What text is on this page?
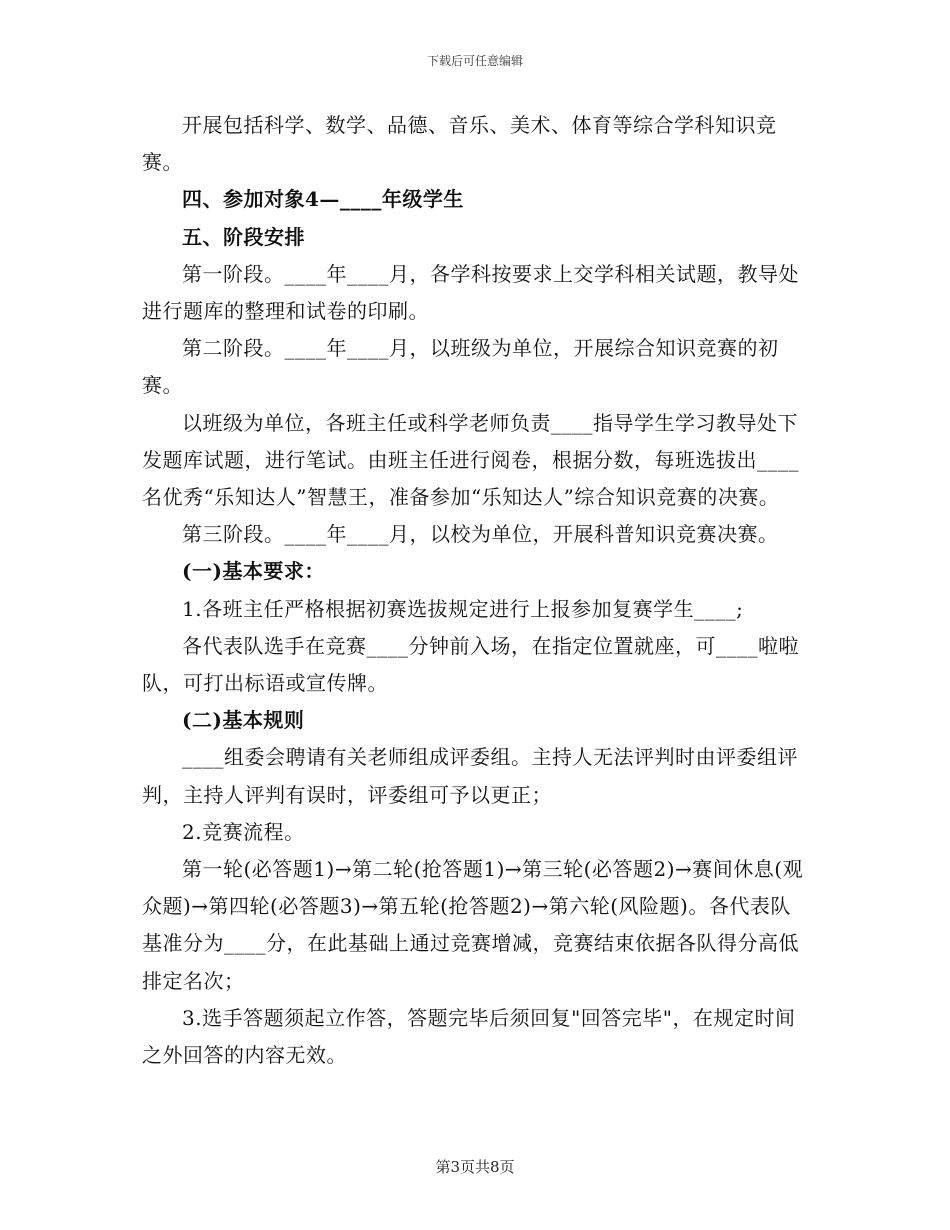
下载后可任意编辑

开展包括科学、数学、品德、音乐、美术、体育等综合学科知识竞赛。

四、参加对象4—____年级学生

五、阶段安排

第一阶段。____年____月，各学科按要求上交学科相关试题，教导处进行题库的整理和试卷的印刷。

第二阶段。____年____月，以班级为单位，开展综合知识竞赛的初赛。

以班级为单位，各班主任或科学老师负责____指导学生学习教导处下发题库试题，进行笔试。由班主任进行阅卷，根据分数，每班选拔出____名优秀“乐知达人”智慧王，准备参加“乐知达人”综合知识竞赛的决赛。

第三阶段。____年____月，以校为单位，开展科普知识竞赛决赛。

(一)基本要求：

1.各班主任严格根据初赛选拔规定进行上报参加复赛学生____;

各代表队选手在竞赛____分钟前入场，在指定位置就座，可____啦啦队，可打出标语或宣传牌。

(二)基本规则

____组委会聘请有关老师组成评委组。主持人无法评判时由评委组评判，主持人评判有误时，评委组可予以更正；

2.竞赛流程。

第一轮(必答题1)→第二轮(抢答题1)→第三轮(必答题2)→赛间休息(观众题)→第四轮(必答题3)→第五轮(抢答题2)→第六轮(风险题)。各代表队基准分为____分，在此基础上通过竞赛增减，竞赛结束依据各队得分高低排定名次；

3.选手答题须起立作答，答题完毕后须回复"回答完毕"，在规定时间之外回答的内容无效。

第3页共8页
